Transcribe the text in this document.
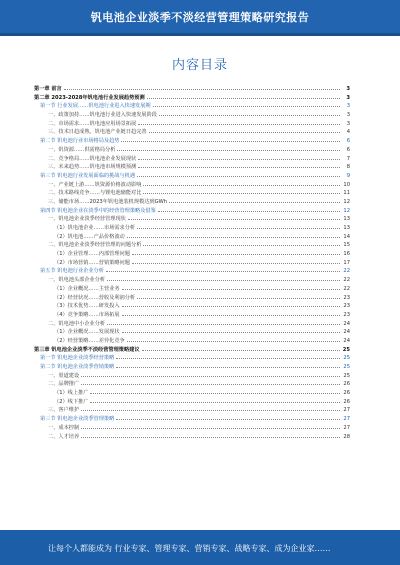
钒电池企业淡季不淡经营管理策略研究报告
内容目录
第一章 前言	3
第二章 2023-2028年钒电池行业发展趋势预测	3
第一节 行业发展……钒电池行业进入快速发展期	3
一、政策加持……钒电池行业进入快速发展阶段	3
二、市场需求……钒电池应用场景拓展	3
三、技术日趋成熟，钒电池产业链日趋完善	4
第二节 钒电池行业市场格局及趋势	6
一、钒资源……供需格局分析	6
二、竞争格局……钒电池企业发展现状	7
三、未来趋势……钒电池市场规模预测	8
第三节 钒电池行业发展面临的挑战与机遇	9
一、产业链上游……钒资源价格波动影响	10
二、技术路线竞争……与锂电池储能对比	11
三、储能市场……2023年钒电池装机规模达到GWh	12
第四节 钒电池企业在淡季中的经营管理策略及借鉴	12
一、钒电池企业淡季经营管理现状	13
（1）钒电池企业……市场需求分析	13
（2）钒电池……产品价格波动	14
二、钒电池企业淡季经营管理的问题分析	15
（1）企业管理……内部管理问题	16
（2）市场营销……营销策略问题	17
第五节 钒电池行业企业分析	22
一、钒电池头部企业分析	22
（1）企业概况……主营业务	22
（2）经营状况……营收及利润分析	23
（3）技术优势……研发投入	23
（4）竞争策略……市场拓展	23
二、钒电池中小企业分析	24
（1）企业概况……发展现状	24
（2）经营策略……差异化竞争	24
第三章 钒电池企业淡季不淡经营管理策略建议	25
第一节 钒电池企业淡季经营策略	25
第二节 钒电池企业淡季营销策略	25
一、渠道建设	25
二、品牌推广	26
（1）线上推广	26
（2）线下推广	26
三、客户维护	27
第三节 钒电池企业淡季管理策略	27
一、成本控制	27
二、人才培养	28
让每个人都能成为 行业专家、管理专家、营销专家、战略专家、成为企业家……
